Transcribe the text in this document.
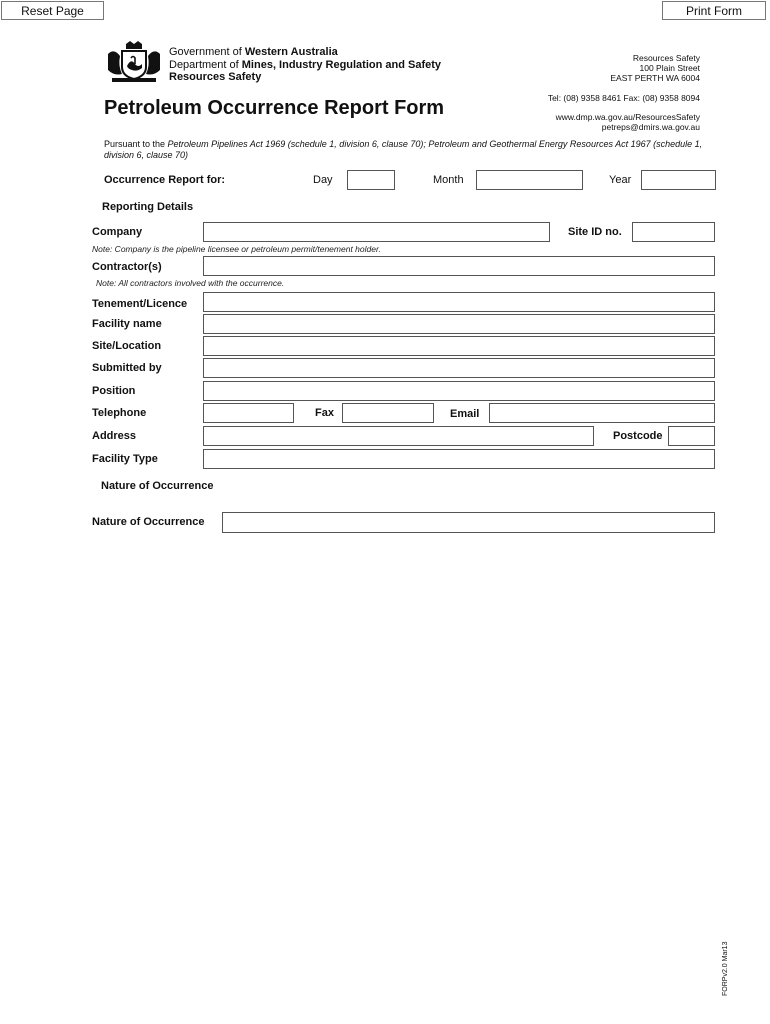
Reset Page	Print Form
Government of Western Australia
Department of Mines, Industry Regulation and Safety
Resources Safety
Resources Safety
100 Plain Street
EAST PERTH WA 6004
Tel: (08) 9358 8461 Fax: (08) 9358 8094
www.dmp.wa.gov.au/ResourcesSafety
petreps@dmirs.wa.gov.au
Petroleum Occurrence Report Form
Pursuant to the Petroleum Pipelines Act 1969 (schedule 1, division 6, clause 70); Petroleum and Geothermal Energy Resources Act 1967 (schedule 1, division 6, clause 70)
Occurrence Report for:	Day	Month	Year
Reporting Details
Company	Site ID no.
Note: Company is the pipeline licensee or petroleum permit/tenement holder.
Contractor(s)
Note: All contractors involved with the occurrence.
Tenement/Licence
Facility name
Site/Location
Submitted by
Position
Telephone	Fax	Email
Address	Postcode
Facility Type
Nature of Occurrence
Nature of Occurrence
FORPv2.0 Mar13
